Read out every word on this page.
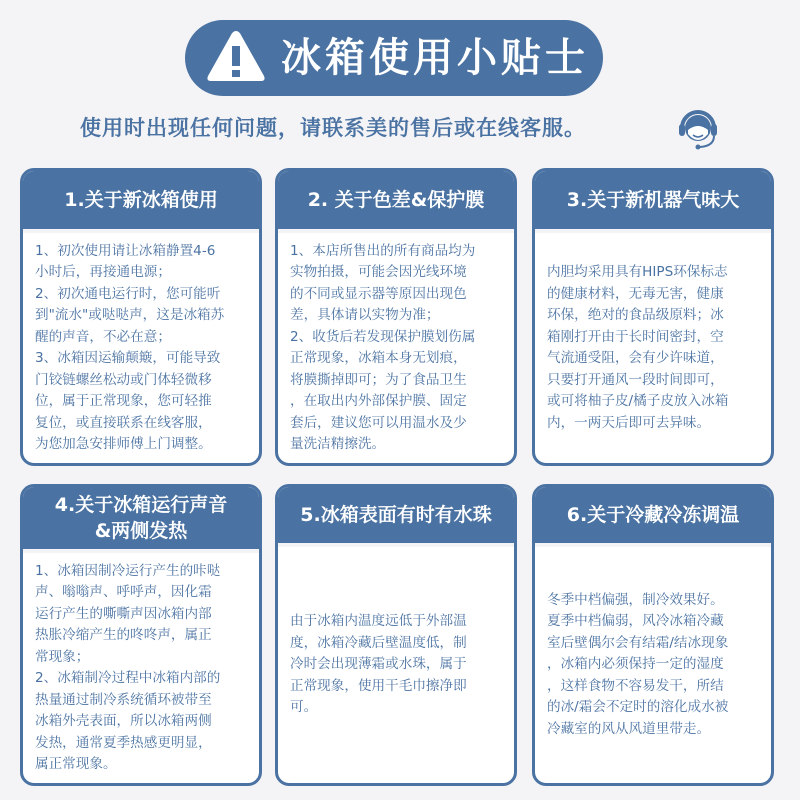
冰箱使用小贴士
使用时出现任何问题，请联系美的售后或在线客服。
1.关于新冰箱使用
1、初次使用请让冰箱静置4-6
小时后，再接通电源；
2、初次通电运行时，您可能听
到"流水"或哒哒声，这是冰箱苏
醒的声音，不必在意；
3、冰箱因运输颠簸，可能导致
门铰链螺丝松动或门体轻微移
位，属于正常现象，您可轻推
复位，或直接联系在线客服，
为您加急安排师傅上门调整。
2. 关于色差&保护膜
1、本店所售出的所有商品均为
实物拍摄，可能会因光线环境
的不同或显示器等原因出现色
差，具体请以实物为准；
2、收货后若发现保护膜划伤属
正常现象，冰箱本身无划痕，
将膜撕掉即可；为了食品卫生
，在取出内外部保护膜、固定
套后，建议您可以用温水及少
量洗洁精擦洗。
3.关于新机器气味大
内胆均采用具有HIPS环保标志
的健康材料，无毒无害，健康
环保，绝对的食品级原料；冰
箱刚打开由于长时间密封，空
气流通受阻，会有少许味道，
只要打开通风一段时间即可，
或可将柚子皮/橘子皮放入冰箱
内，一两天后即可去异味。
4.关于冰箱运行声音
&两侧发热
1、冰箱因制冷运行产生的咔哒
声、嗡嗡声、呼呼声，因化霜
运行产生的嘶嘶声因冰箱内部
热胀冷缩产生的咚咚声，属正
常现象；
2、冰箱制冷过程中冰箱内部的
热量通过制冷系统循环被带至
冰箱外壳表面，所以冰箱两侧
发热，通常夏季热感更明显，
属正常现象。
5.冰箱表面有时有水珠
由于冰箱内温度远低于外部温
度，冰箱冷藏后壁温度低，制
冷时会出现薄霜或水珠，属于
正常现象，使用干毛巾擦净即
可。
6.关于冷藏冷冻调温
冬季中档偏强，制冷效果好。
夏季中档偏弱，风冷冰箱冷藏
室后壁偶尔会有结霜/结冰现象
，冰箱内必须保持一定的湿度
，这样食物不容易发干，所结
的冰/霜会不定时的溶化成水被
冷藏室的风从风道里带走。
